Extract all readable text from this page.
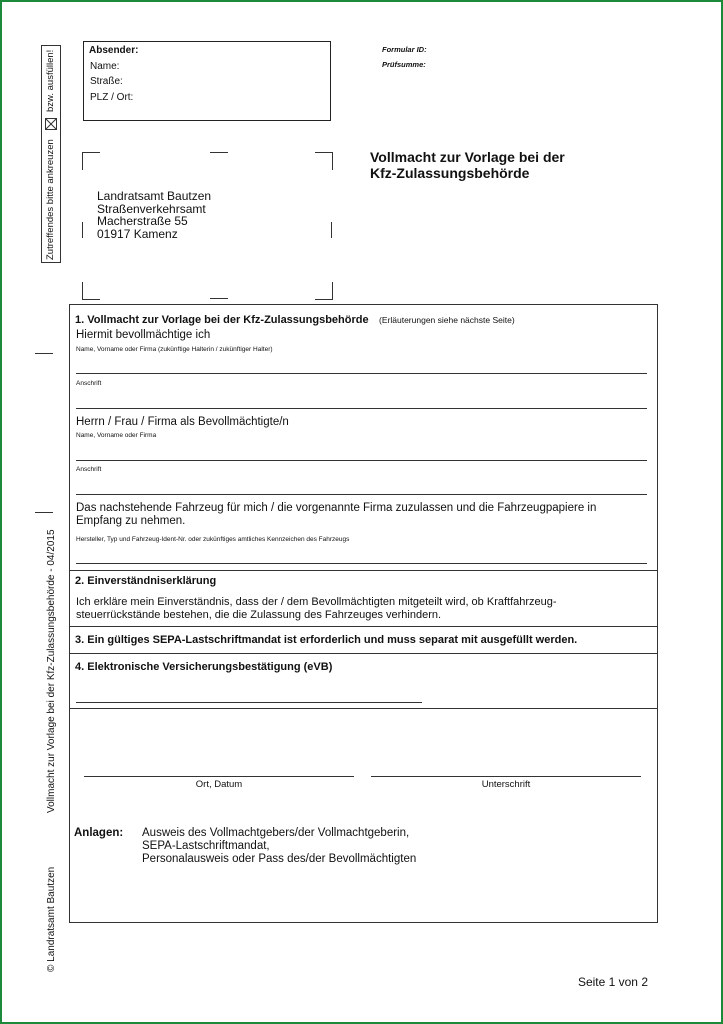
Absender:
Name:
Straße:
PLZ / Ort:
Formular ID:
Prüfsumme:
Vollmacht zur Vorlage bei der
Kfz-Zulassungsbehörde
Landratsamt Bautzen
Straßenverkehrsamt
Macherstraße 55
01917 Kamenz
Zutreffendes bitte ankreuzen
bzw. ausfüllen!
Vollmacht zur Vorlage bei der Kfz-Zulassungsbehörde - 04/2015
© Landratsamt Bautzen
1. Vollmacht zur Vorlage bei der Kfz-Zulassungsbehörde (Erläuterungen siehe nächste Seite)
Hiermit bevollmächtige ich
Name, Vorname oder Firma (zukünftige Halterin / zukünftiger Halter)
Anschrift
Herrn / Frau / Firma als Bevollmächtigte/n
Name, Vorname oder Firma
Anschrift
Das nachstehende Fahrzeug für mich / die vorgenannte Firma zuzulassen und die Fahrzeugpapiere in
Empfang zu nehmen.
Hersteller, Typ und Fahrzeug-Ident-Nr. oder zukünftiges amtliches Kennzeichen des Fahrzeugs
2. Einverständniserklärung
Ich erkläre mein Einverständnis, dass der / dem Bevollmächtigten mitgeteilt wird, ob Kraftfahrzeug-
steuerrückstände bestehen, die die Zulassung des Fahrzeuges verhindern.
3. Ein gültiges SEPA-Lastschriftmandat ist erforderlich und muss separat mit ausgefüllt werden.
4. Elektronische Versicherungsbestätigung (eVB)
Ort, Datum	Unterschrift
Anlagen: Ausweis des Vollmachtgebers/der Vollmachtgeberin,
SEPA-Lastschriftmandat,
Personalausweis oder Pass des/der Bevollmächtigten
Seite 1 von 2
